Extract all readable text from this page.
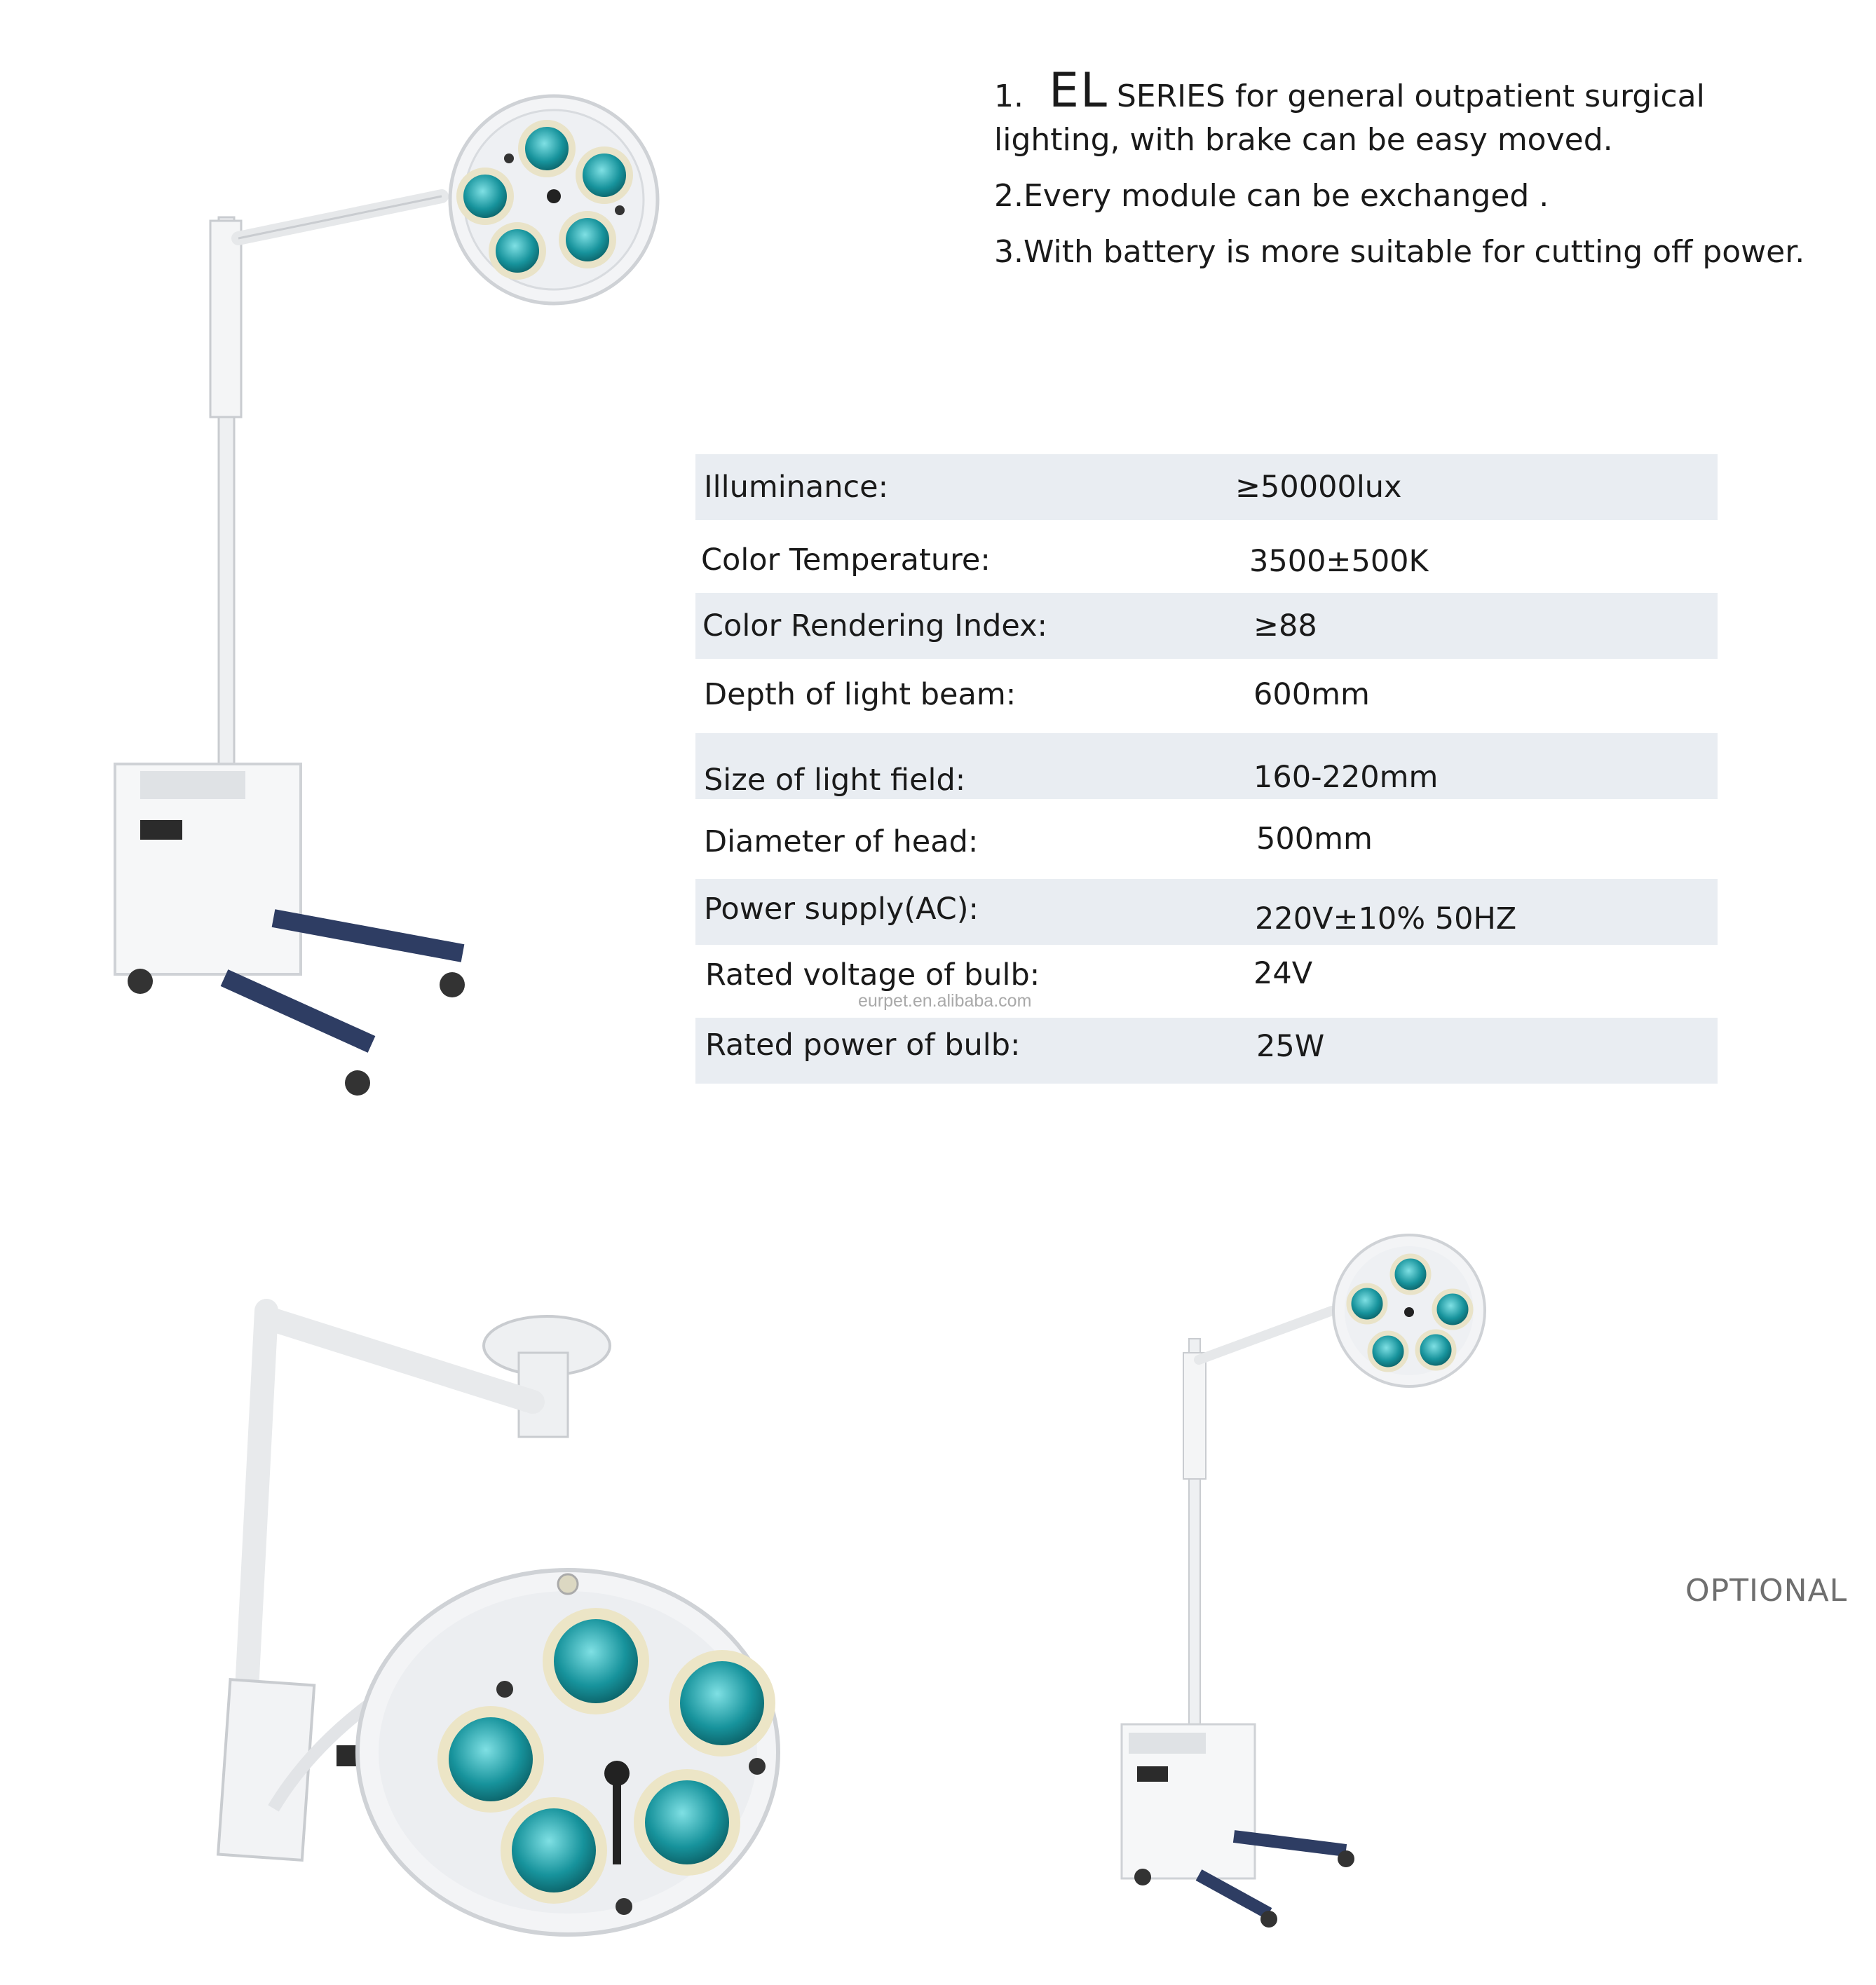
1. EL SERIES for general outpatient surgical
lighting, with brake can be easy moved.
2.Every module can be exchanged .
3.With battery is more suitable for cutting off power.
Illuminance:	≥50000lux
Color Temperature:	3500±500K
Color Rendering Index:	≥88
Depth of light beam:	600mm
Size of light field:	160-220mm
Diameter of head:	500mm
Power supply(AC):	220V±10% 50HZ
Rated voltage of bulb:	24V
Rated power of bulb:	25W
eurpet.en.alibaba.com
OPTIONAL
